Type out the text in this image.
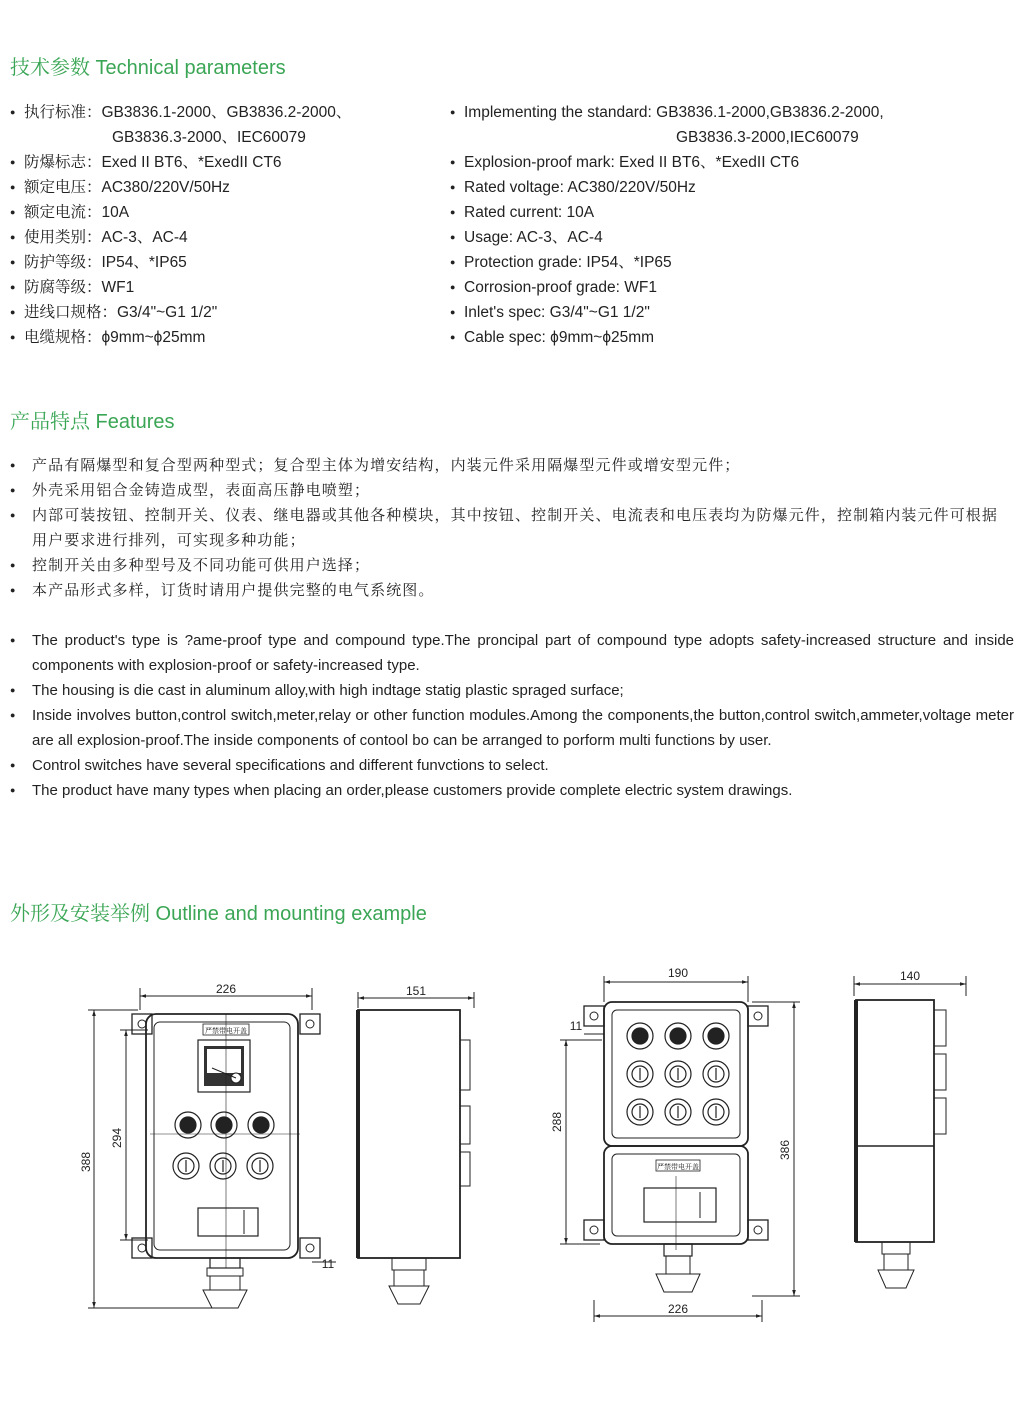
技术参数 Technical parameters
● 执行标准：GB3836.1-2000、GB3836.2-2000、
GB3836.3-2000、IEC60079
● 防爆标志：Exed II BT6、*ExedII CT6
● 额定电压：AC380/220V/50Hz
● 额定电流：10A
● 使用类别：AC-3、AC-4
● 防护等级：IP54、*IP65
● 防腐等级：WF1
● 进线口规格：G3/4"~G1 1/2"
● 电缆规格：ϕ9mm~ϕ25mm
● Implementing the standard: GB3836.1-2000,GB3836.2-2000,
GB3836.3-2000,IEC60079
● Explosion-proof mark: Exed II BT6、*ExedII CT6
● Rated voltage: AC380/220V/50Hz
● Rated current: 10A
● Usage: AC-3、AC-4
● Protection grade: IP54、*IP65
● Corrosion-proof grade: WF1
● Inlet's spec: G3/4"~G1 1/2"
● Cable spec: ϕ9mm~ϕ25mm
产品特点 Features
● 产品有隔爆型和复合型两种型式；复合型主体为增安结构，内装元件采用隔爆型元件或增安型元件；
● 外壳采用铝合金铸造成型，表面高压静电喷塑；
● 内部可装按钮、控制开关、仪表、继电器或其他各种模块，其中按钮、控制开关、电流表和电压表均为防爆元件，控制箱内装元件可根据用户要求进行排列，可实现多种功能；
● 控制开关由多种型号及不同功能可供用户选择；
● 本产品形式多样，订货时请用户提供完整的电气系统图。
● The product's type is ?ame-proof type and compound type.The proncipal part of compound type adopts safety-increased structure and inside components with explosion-proof or safety-increased type.
● The housing is die cast in aluminum alloy,with high indtage statig plastic spraged surface;
● Inside involves button,control switch,meter,relay or other function modules.Among the components,the button,control switch,ammeter,voltage meter are all explosion-proof.The inside components of contool bo can be arranged to porform multi functions by user.
● Control switches have several specifications and different funvctions to select.
● The product have many types when placing an order,please customers provide complete electric system drawings.
外形及安装举例 Outline and mounting example
226
388
294
11
151
190
288
11
226
386
140
严禁带电开盖
严禁带电开盖
